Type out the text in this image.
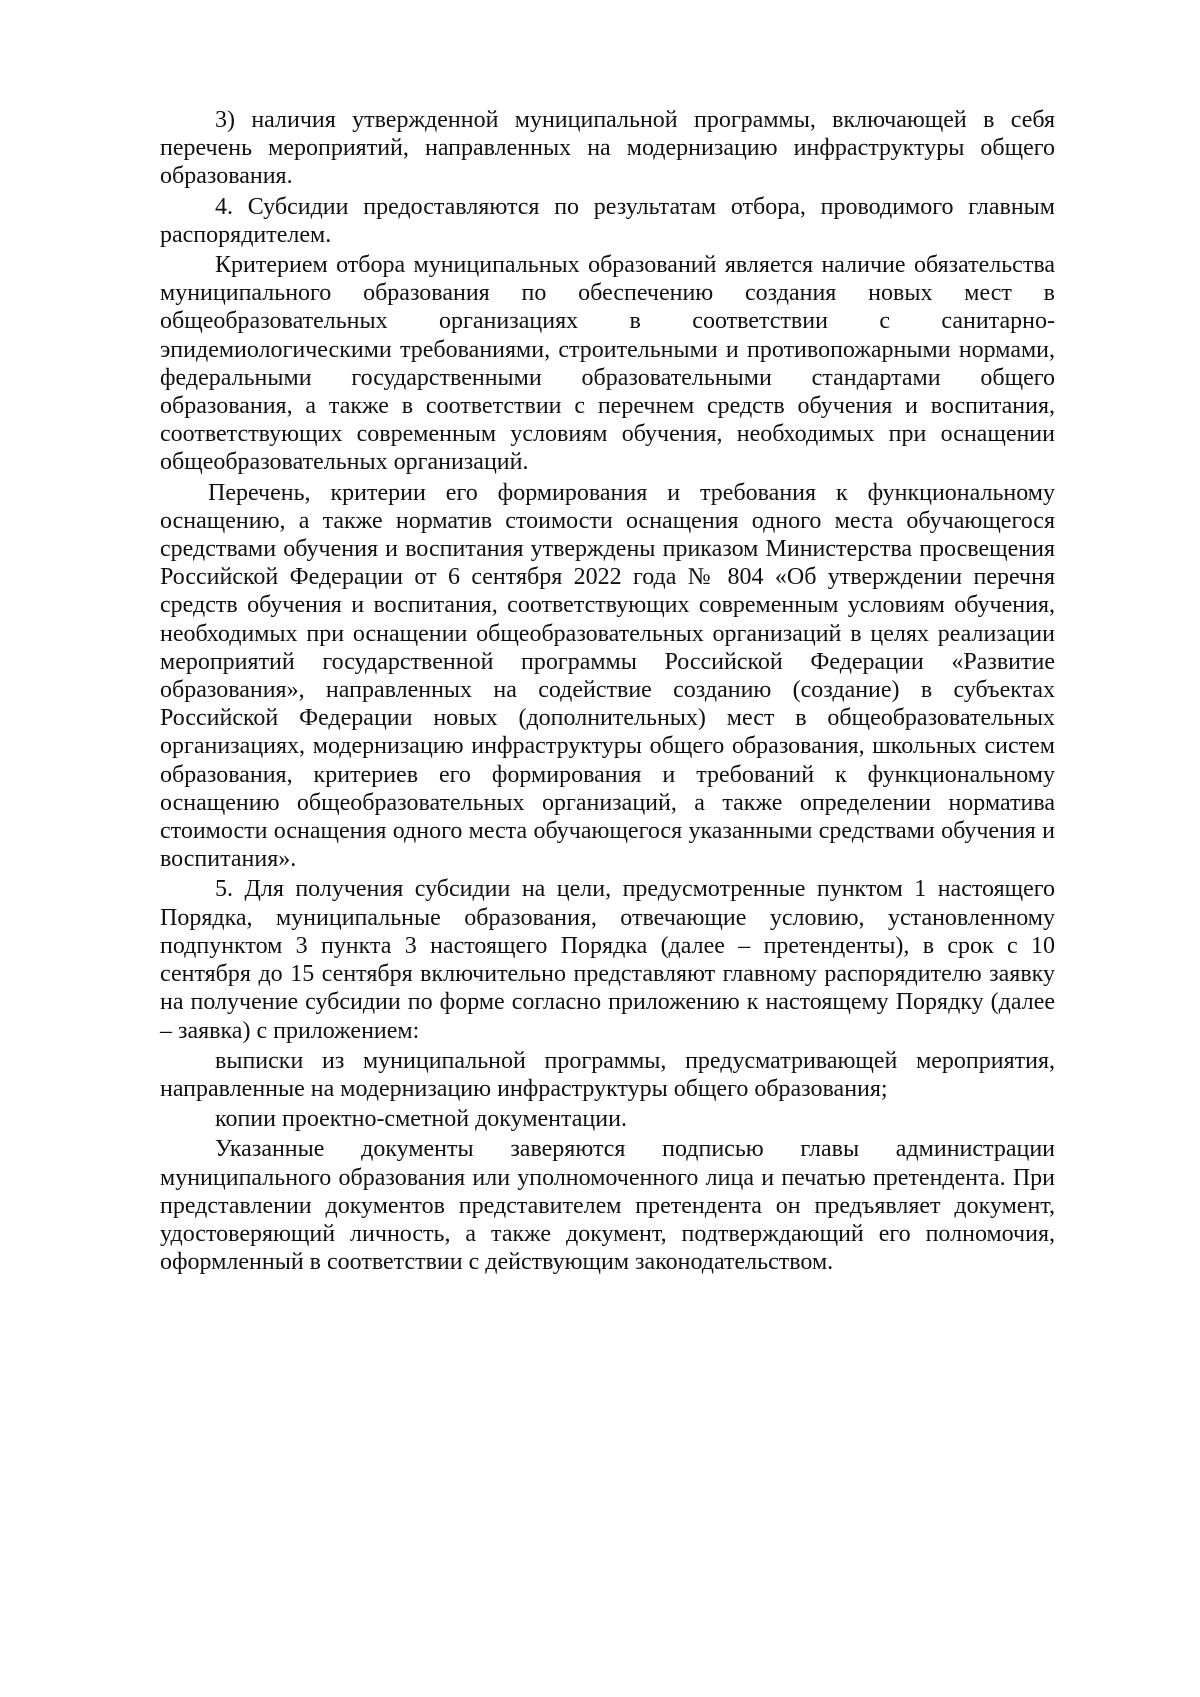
3) наличия утвержденной муниципальной программы, включающей в себя перечень мероприятий, направленных на модернизацию инфраструктуры общего образования.

4. Субсидии предоставляются по результатам отбора, проводимого главным распорядителем.

Критерием отбора муниципальных образований является наличие обязательства муниципального образования по обеспечению создания новых мест в общеобразовательных организациях в соответствии с санитарно-эпидемиологическими требованиями, строительными и противопожарными нормами, федеральными государственными образовательными стандартами общего образования, а также в соответствии с перечнем средств обучения и воспитания, соответствующих современным условиям обучения, необходимых при оснащении общеобразовательных организаций.

Перечень, критерии его формирования и требования к функциональному оснащению, а также норматив стоимости оснащения одного места обучающегося средствами обучения и воспитания утверждены приказом Министерства просвещения Российской Федерации от 6 сентября 2022 года № 804 «Об утверждении перечня средств обучения и воспитания, соответствующих современным условиям обучения, необходимых при оснащении общеобразовательных организаций в целях реализации мероприятий государственной программы Российской Федерации «Развитие образования», направленных на содействие созданию (создание) в субъектах Российской Федерации новых (дополнительных) мест в общеобразовательных организациях, модернизацию инфраструктуры общего образования, школьных систем образования, критериев его формирования и требований к функциональному оснащению общеобразовательных организаций, а также определении норматива стоимости оснащения одного места обучающегося указанными средствами обучения и воспитания».

5. Для получения субсидии на цели, предусмотренные пунктом 1 настоящего Порядка, муниципальные образования, отвечающие условию, установленному подпунктом 3 пункта 3 настоящего Порядка (далее – претенденты), в срок с 10 сентября до 15 сентября включительно представляют главному распорядителю заявку на получение субсидии по форме согласно приложению к настоящему Порядку (далее – заявка) с приложением:

выписки из муниципальной программы, предусматривающей мероприятия, направленные на модернизацию инфраструктуры общего образования;

копии проектно-сметной документации.

Указанные документы заверяются подписью главы администрации муниципального образования или уполномоченного лица и печатью претендента. При представлении документов представителем претендента он предъявляет документ, удостоверяющий личность, а также документ, подтверждающий его полномочия, оформленный в соответствии с действующим законодательством.
